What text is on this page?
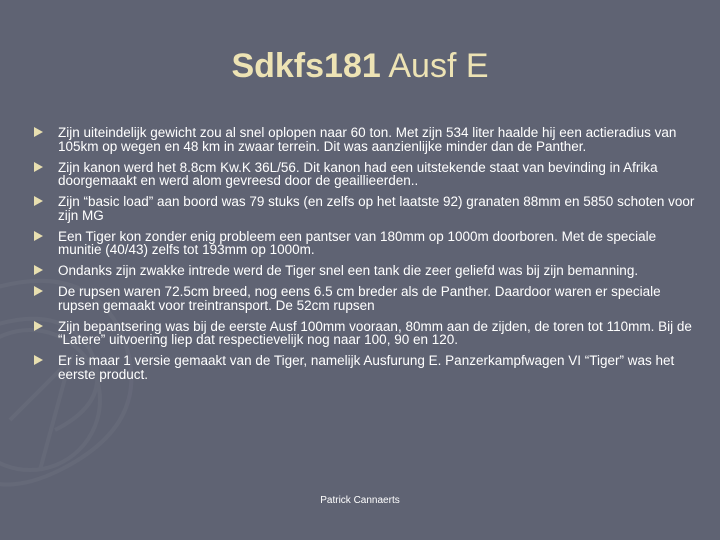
Sdkfs181 Ausf E
Zijn uiteindelijk gewicht zou al snel oplopen naar 60 ton. Met zijn 534 liter haalde hij een actieradius van 105km op wegen en 48 km in zwaar terrein. Dit was aanzienlijke minder dan de Panther.
Zijn kanon werd het 8.8cm Kw.K 36L/56. Dit kanon had een uitstekende staat van bevinding in Afrika doorgemaakt en werd alom gevreesd door de geaillieerden..
Zijn “basic load” aan boord was 79 stuks (en zelfs op het laatste 92) granaten 88mm en 5850 schoten voor zijn MG
Een Tiger kon zonder enig probleem een pantser van 180mm op 1000m doorboren. Met de speciale munitie (40/43) zelfs tot 193mm op 1000m.
Ondanks zijn zwakke intrede werd de Tiger snel een tank die zeer geliefd was bij zijn bemanning.
De rupsen waren 72.5cm breed, nog eens 6.5 cm breder als de Panther. Daardoor waren er speciale rupsen gemaakt voor treintransport. De 52cm rupsen
Zijn bepantsering was bij de eerste Ausf 100mm vooraan, 80mm aan de zijden, de toren tot 110mm. Bij de “Latere” uitvoering liep dat respectievelijk nog naar 100, 90 en 120.
Er is maar 1 versie gemaakt van de Tiger, namelijk Ausfurung E. Panzerkampfwagen VI “Tiger” was het eerste product.
Patrick Cannaerts
